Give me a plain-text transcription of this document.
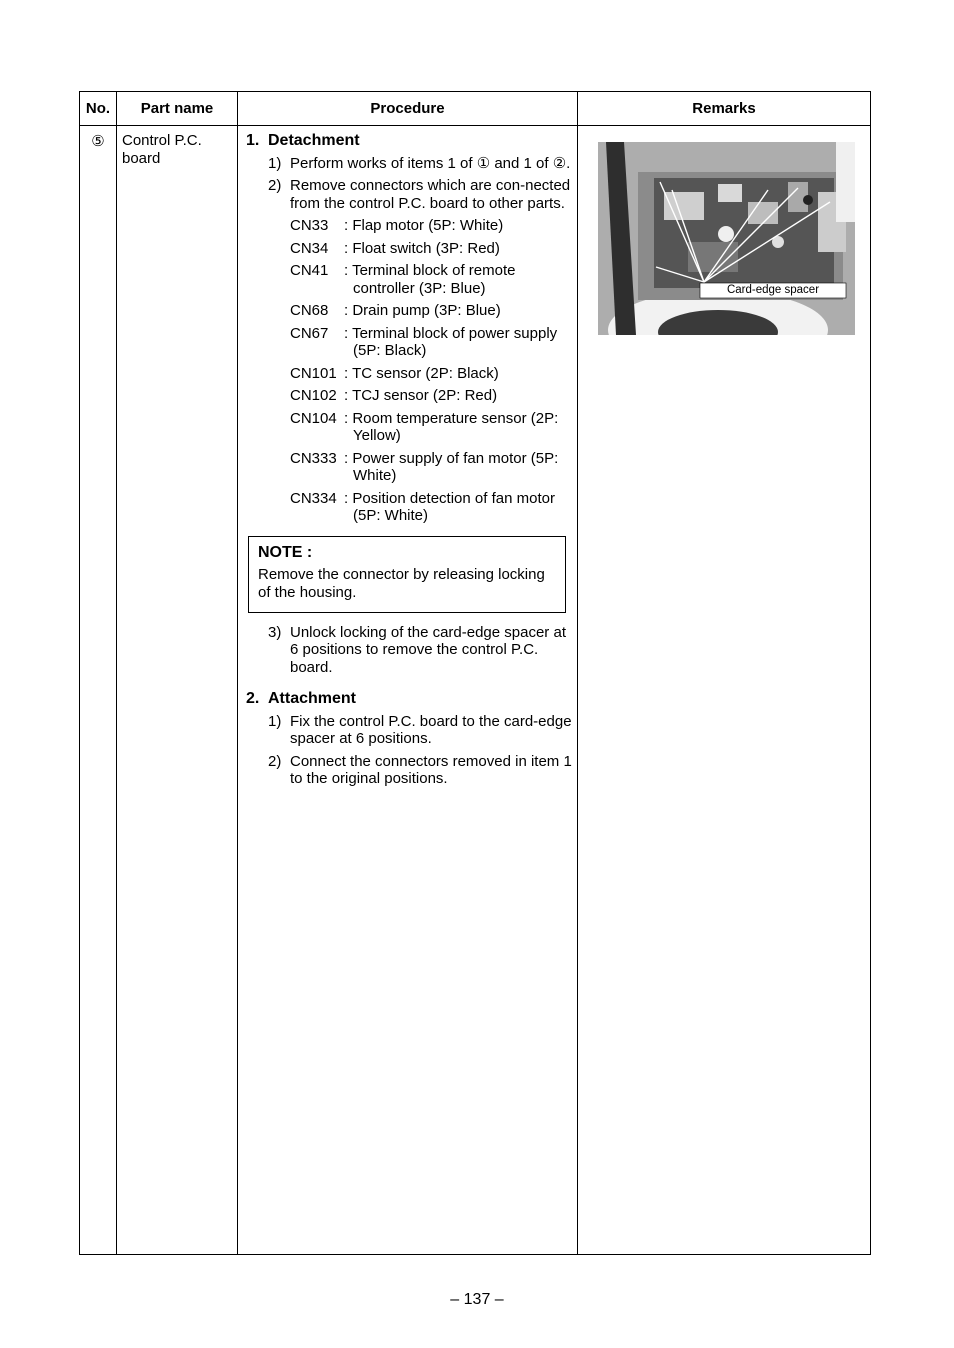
No.	Part name	Procedure	Remarks
⑤	Control P.C. board
1. Detachment
1) Perform works of items 1 of ① and 1 of ②.
2) Remove connectors which are con-nected from the control P.C. board to other parts.
CN33	: Flap motor (5P: White)
CN34	: Float switch (3P: Red)
CN41	: Terminal block of remote controller (3P: Blue)
CN68	: Drain pump (3P: Blue)
CN67	: Terminal block of power supply (5P: Black)
CN101 : TC sensor (2P: Black)
CN102 : TCJ sensor (2P: Red)
CN104 : Room temperature sensor (2P: Yellow)
CN333 : Power supply of fan motor (5P: White)
CN334 : Position detection of fan motor (5P: White)
NOTE :
Remove the connector by releasing locking of the housing.
3) Unlock locking of the card-edge spacer at 6 positions to remove the control P.C. board.
2. Attachment
1) Fix the control P.C. board to the card-edge spacer at 6 positions.
2) Connect the connectors removed in item 1 to the original positions.
Card-edge spacer
– 137 –
